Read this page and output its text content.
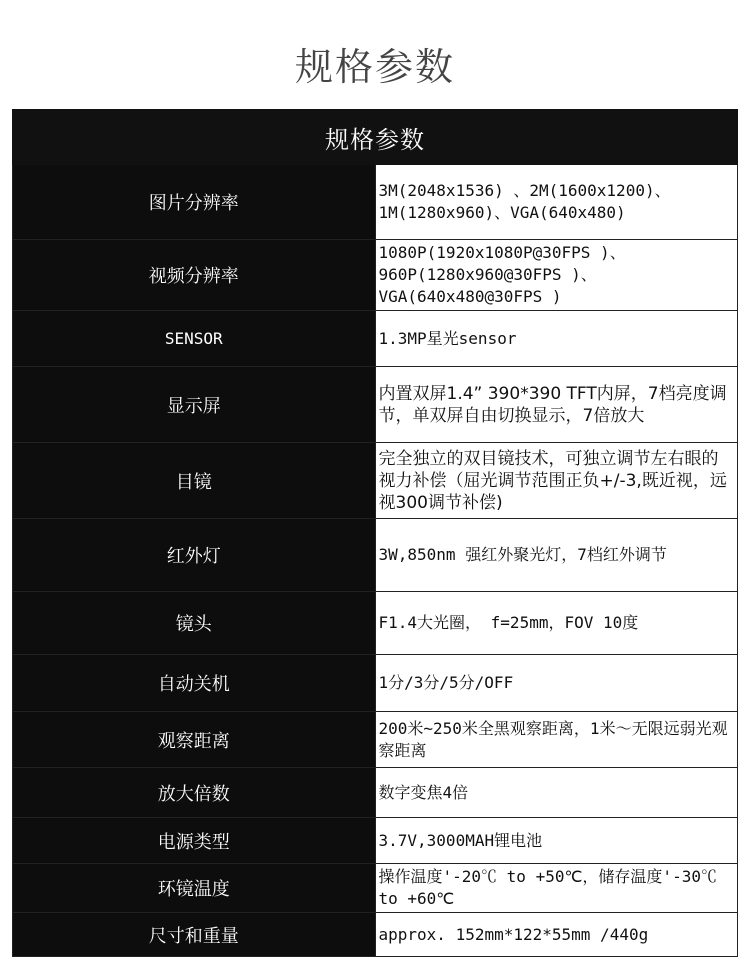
规格参数
规格参数	
图片分辨率	3M(2048x1536) 、2M(1600x1200)、1M(1280x960)、VGA(640x480)
视频分辨率	1080P(1920x1080P@30FPS )、960P(1280x960@30FPS )、VGA(640x480@30FPS )
SENSOR	1.3MP星光sensor
显示屏	内置双屏1.4” 390*390 TFT内屏，7档亮度调节，单双屏自由切换显示，7倍放大
目镜	完全独立的双目镜技术，可独立调节左右眼的视力补偿（屈光调节范围正负+/-3,既近视，远视300调节补偿)
红外灯	3W,850nm 强红外聚光灯，7档红外调节
镜头	F1.4大光圈， f=25mm，FOV 10度
自动关机	1分/3分/5分/OFF
观察距离	200米~250米全黑观察距离，1米～无限远弱光观察距离
放大倍数	数字变焦4倍
电源类型	3.7V,3000MAH锂电池
环镜温度	操作温度'-20℃ to +50℃，储存温度'-30℃ to +60℃
尺寸和重量	approx. 152mm*122*55mm /440g
